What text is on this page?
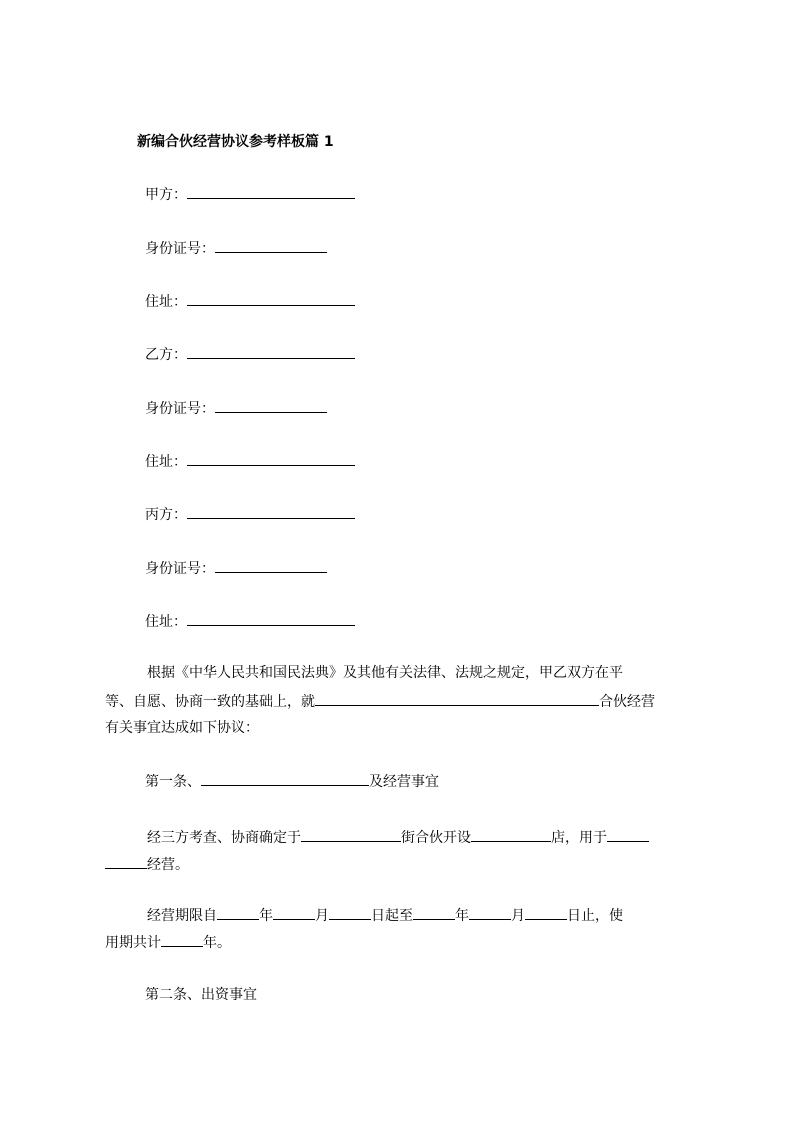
新编合伙经营协议参考样板篇 1
甲方：
身份证号：
住址：
乙方：
身份证号：
住址：
丙方：
身份证号：
住址：
根据《中华人民共和国民法典》及其他有关法律、法规之规定，甲乙双方在平
等、自愿、协商一致的基础上，就	合伙经营
有关事宜达成如下协议：
第一条、	及经营事宜
经三方考查、协商确定于	街合伙开设	店，用于
经营。
经营期限自	年	月	日起至	年	月	日止，使
用期共计	年。
第二条、出资事宜
